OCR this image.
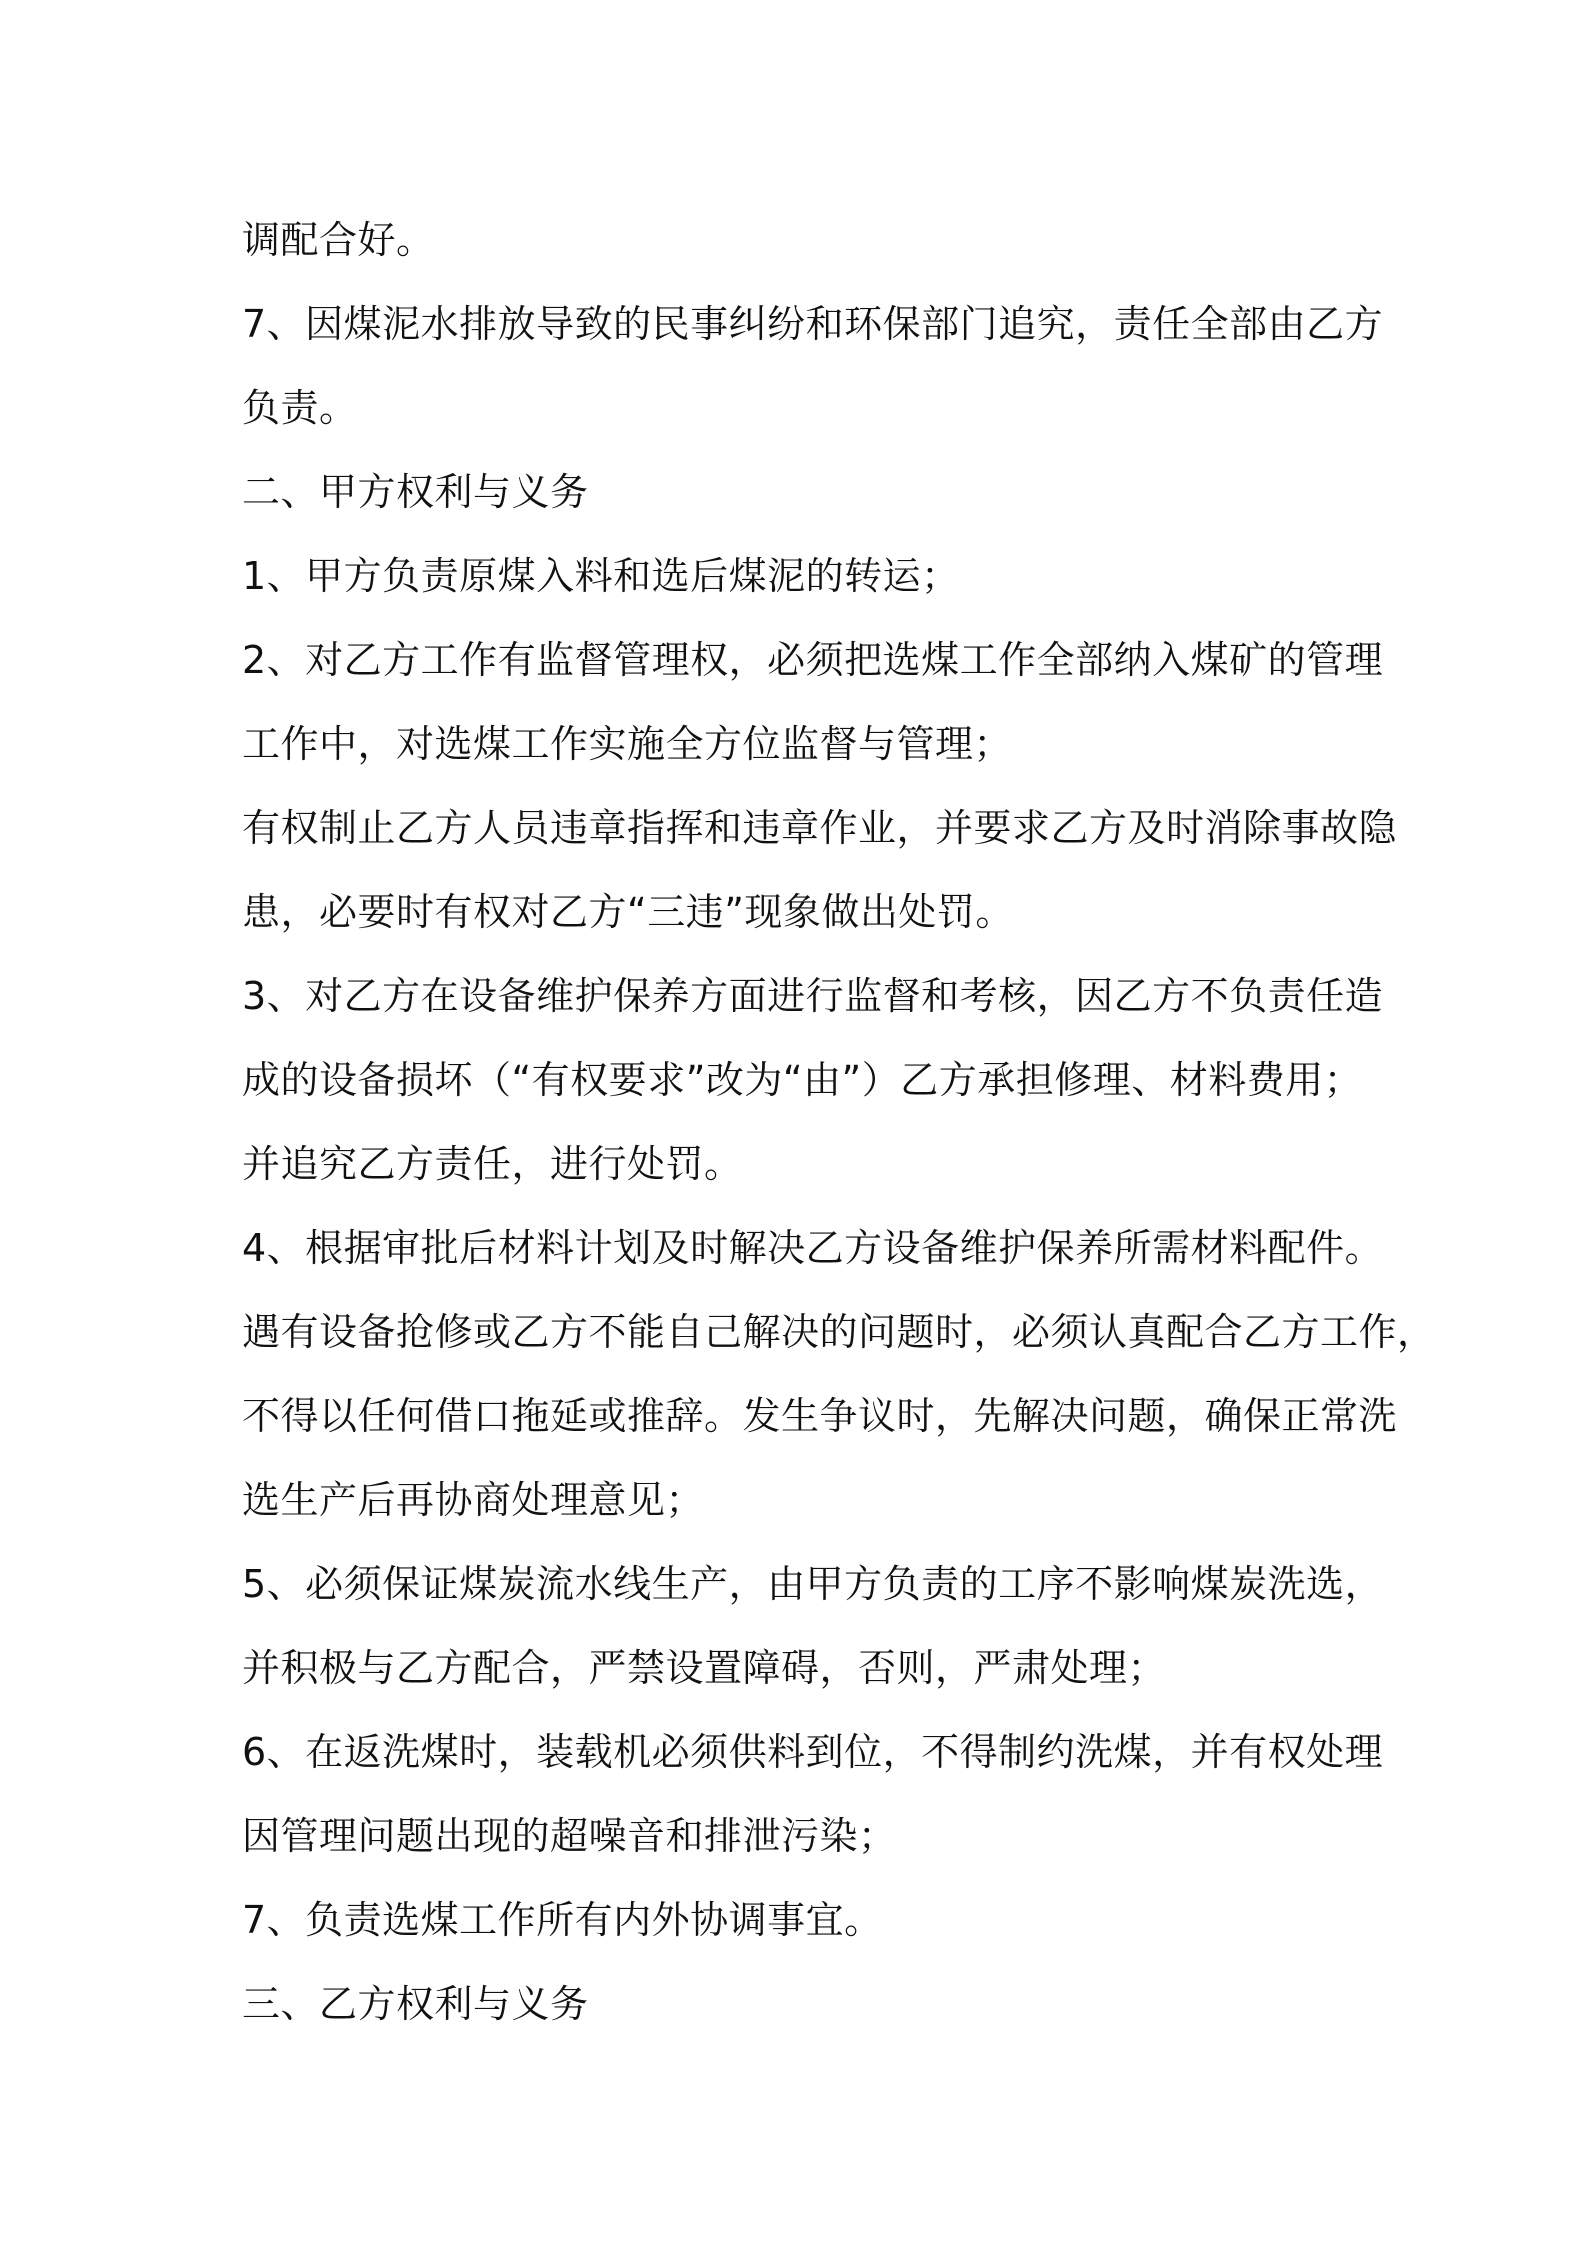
调配合好。
7、因煤泥水排放导致的民事纠纷和环保部门追究，责任全部由乙方
负责。
二、甲方权利与义务
1、甲方负责原煤入料和选后煤泥的转运；
2、对乙方工作有监督管理权，必须把选煤工作全部纳入煤矿的管理
工作中，对选煤工作实施全方位监督与管理；
有权制止乙方人员违章指挥和违章作业，并要求乙方及时消除事故隐
患，必要时有权对乙方“三违”现象做出处罚。
3、对乙方在设备维护保养方面进行监督和考核，因乙方不负责任造
成的设备损坏（“有权要求”改为“由”）乙方承担修理、材料费用；
并追究乙方责任，进行处罚。
4、根据审批后材料计划及时解决乙方设备维护保养所需材料配件。
遇有设备抢修或乙方不能自己解决的问题时，必须认真配合乙方工作，
不得以任何借口拖延或推辞。发生争议时，先解决问题，确保正常洗
选生产后再协商处理意见；
5、必须保证煤炭流水线生产，由甲方负责的工序不影响煤炭洗选，
并积极与乙方配合，严禁设置障碍，否则，严肃处理；
6、在返洗煤时，装载机必须供料到位，不得制约洗煤，并有权处理
因管理问题出现的超噪音和排泄污染；
7、负责选煤工作所有内外协调事宜。
三、乙方权利与义务
